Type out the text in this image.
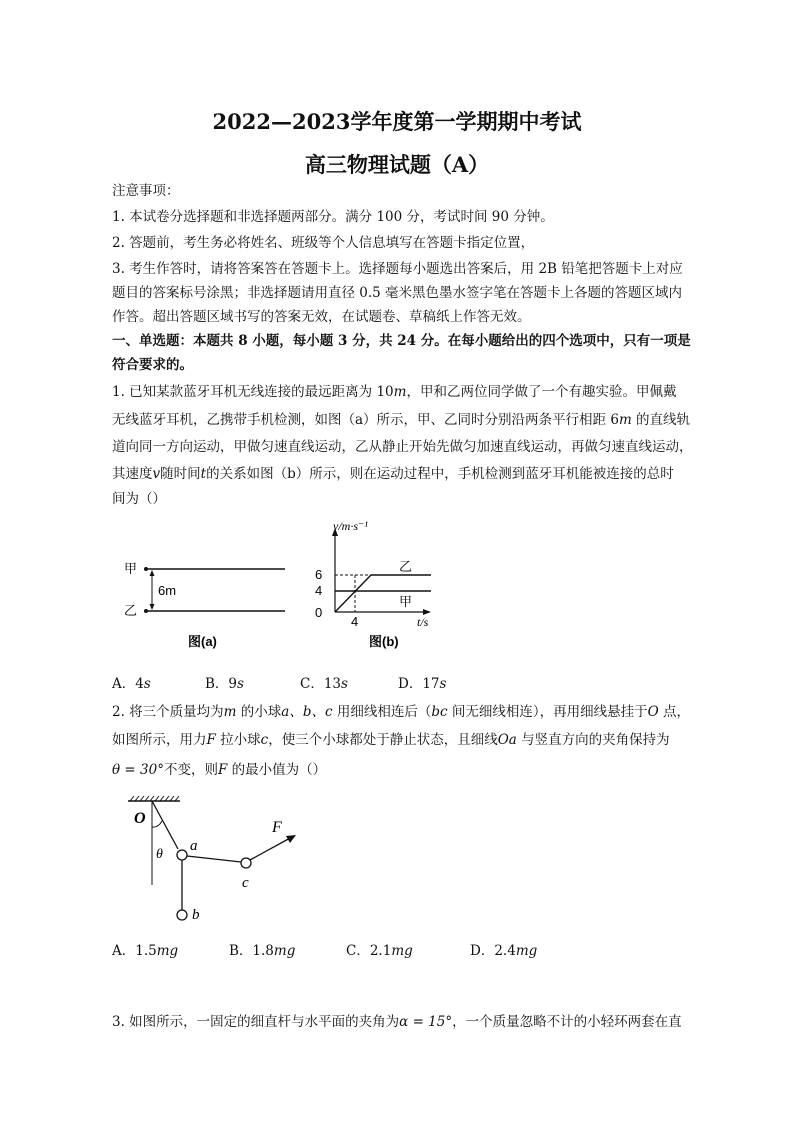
2022—2023学年度第一学期期中考试
高三物理试题（A）
注意事项：
1. 本试卷分选择题和非选择题两部分。满分 100 分，考试时间 90 分钟。
2. 答题前，考生务必将姓名、班级等个人信息填写在答题卡指定位置，
3. 考生作答时，请将答案答在答题卡上。选择题每小题选出答案后，用 2B 铅笔把答题卡上对应
题目的答案标号涂黑；非选择题请用直径 0.5 毫米黑色墨水签字笔在答题卡上各题的答题区域内
作答。超出答题区域书写的答案无效，在试题卷、草稿纸上作答无效。
一、单选题：本题共 8 小题，每小题 3 分，共 24 分。在每小题给出的四个选项中，只有一项是
符合要求的。
1. 已知某款蓝牙耳机无线连接的最远距离为 10m，甲和乙两位同学做了一个有趣实验。甲佩戴
无线蓝牙耳机，乙携带手机检测，如图（a）所示，甲、乙同时分别沿两条平行相距 6m 的直线轨
道向同一方向运动，甲做匀速直线运动，乙从静止开始先做匀加速直线运动，再做匀速直线运动，
其速度v随时间t的关系如图（b）所示，则在运动过程中，手机检测到蓝牙耳机能被连接的总时
间为（）
甲
乙
6m
图(a)
v/m·s⁻¹
t/s
6
4
0
4
乙
甲
图(b)
A．4s	B．9s	C．13s	D．17s
2. 将三个质量均为m 的小球a、b、c 用细线相连后（bc 间无细线相连），再用细线悬挂于O 点，
如图所示，用力F 拉小球c，使三个小球都处于静止状态，且细线Oa 与竖直方向的夹角保持为
θ = 30°不变，则F 的最小值为（）
O
θ
a
b
c
F
A．1.5mg	B．1.8mg	C．2.1mg	D．2.4mg
3. 如图所示，一固定的细直杆与水平面的夹角为α = 15°，一个质量忽略不计的小轻环两套在直
